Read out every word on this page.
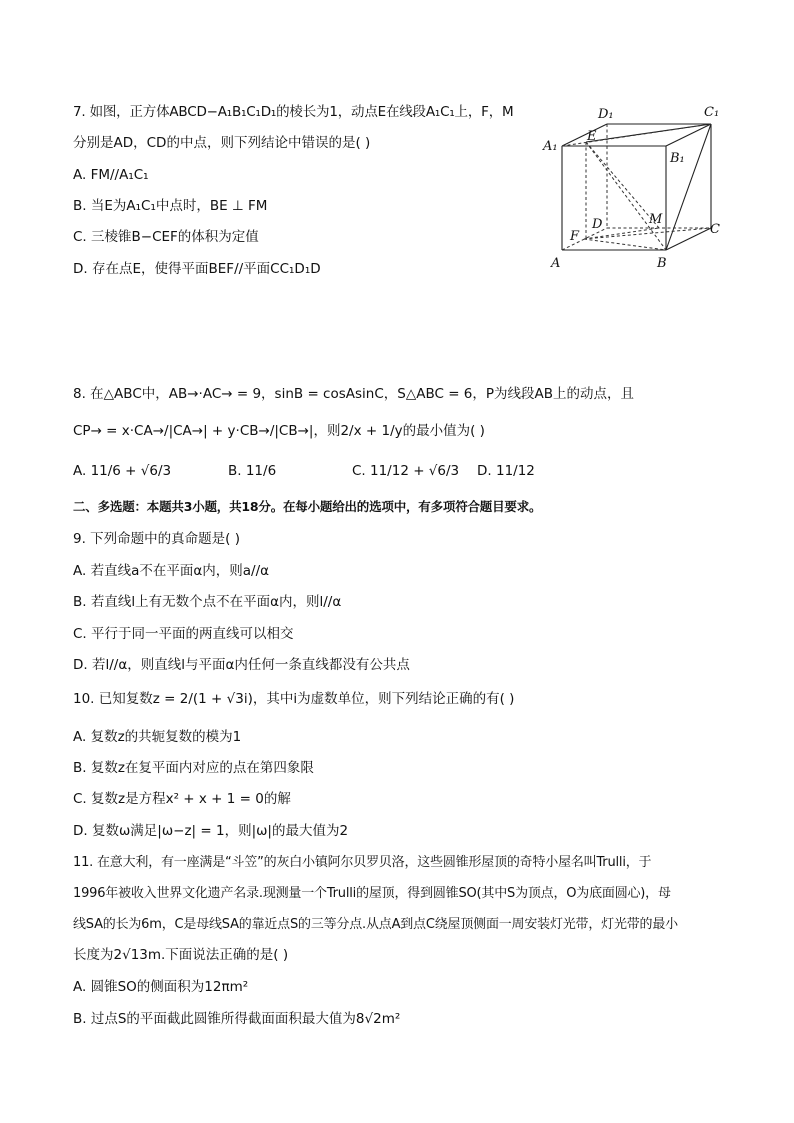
7. 如图，正方体ABCD−A₁B₁C₁D₁的棱长为1，动点E在线段A₁C₁上，F，M
分别是AD，CD的中点，则下列结论中错误的是( )
A. FM//A₁C₁
B. 当E为A₁C₁中点时，BE ⊥ FM
C. 三棱锥B−CEF的体积为定值
D. 存在点E，使得平面BEF//平面CC₁D₁D
D₁	C₁
A₁
E
B₁
D	M
F	C
A	B
8. 在△ABC中，AB→·AC→ = 9，sinB = cosAsinC，S△ABC = 6，P为线段AB上的动点，且
CP→ = x·CA→/|CA→| + y·CB→/|CB→|，则2/x + 1/y的最小值为( )
A. 11/6 + √6/3	B. 11/6	C. 11/12 + √6/3 D. 11/12
二、多选题：本题共3小题，共18分。在每小题给出的选项中，有多项符合题目要求。
9. 下列命题中的真命题是( )
A. 若直线a不在平面α内，则a//α
B. 若直线l上有无数个点不在平面α内，则l//α
C. 平行于同一平面的两直线可以相交
D. 若l//α，则直线l与平面α内任何一条直线都没有公共点
10. 已知复数z = 2/(1 + √3i)，其中i为虚数单位，则下列结论正确的有( )
A. 复数z的共轭复数的模为1
B. 复数z在复平面内对应的点在第四象限
C. 复数z是方程x² + x + 1 = 0的解
D. 复数ω满足|ω−z| = 1，则|ω|的最大值为2
11. 在意大利，有一座满是“斗笠”的灰白小镇阿尔贝罗贝洛，这些圆锥形屋顶的奇特小屋名叫Trulli，于
1996年被收入世界文化遗产名录.现测量一个Trulli的屋顶，得到圆锥SO(其中S为顶点，O为底面圆心)，母
线SA的长为6m，C是母线SA的靠近点S的三等分点.从点A到点C绕屋顶侧面一周安装灯光带，灯光带的最小
长度为2√13m.下面说法正确的是( )
A. 圆锥SO的侧面积为12πm²
B. 过点S的平面截此圆锥所得截面面积最大值为8√2m²
